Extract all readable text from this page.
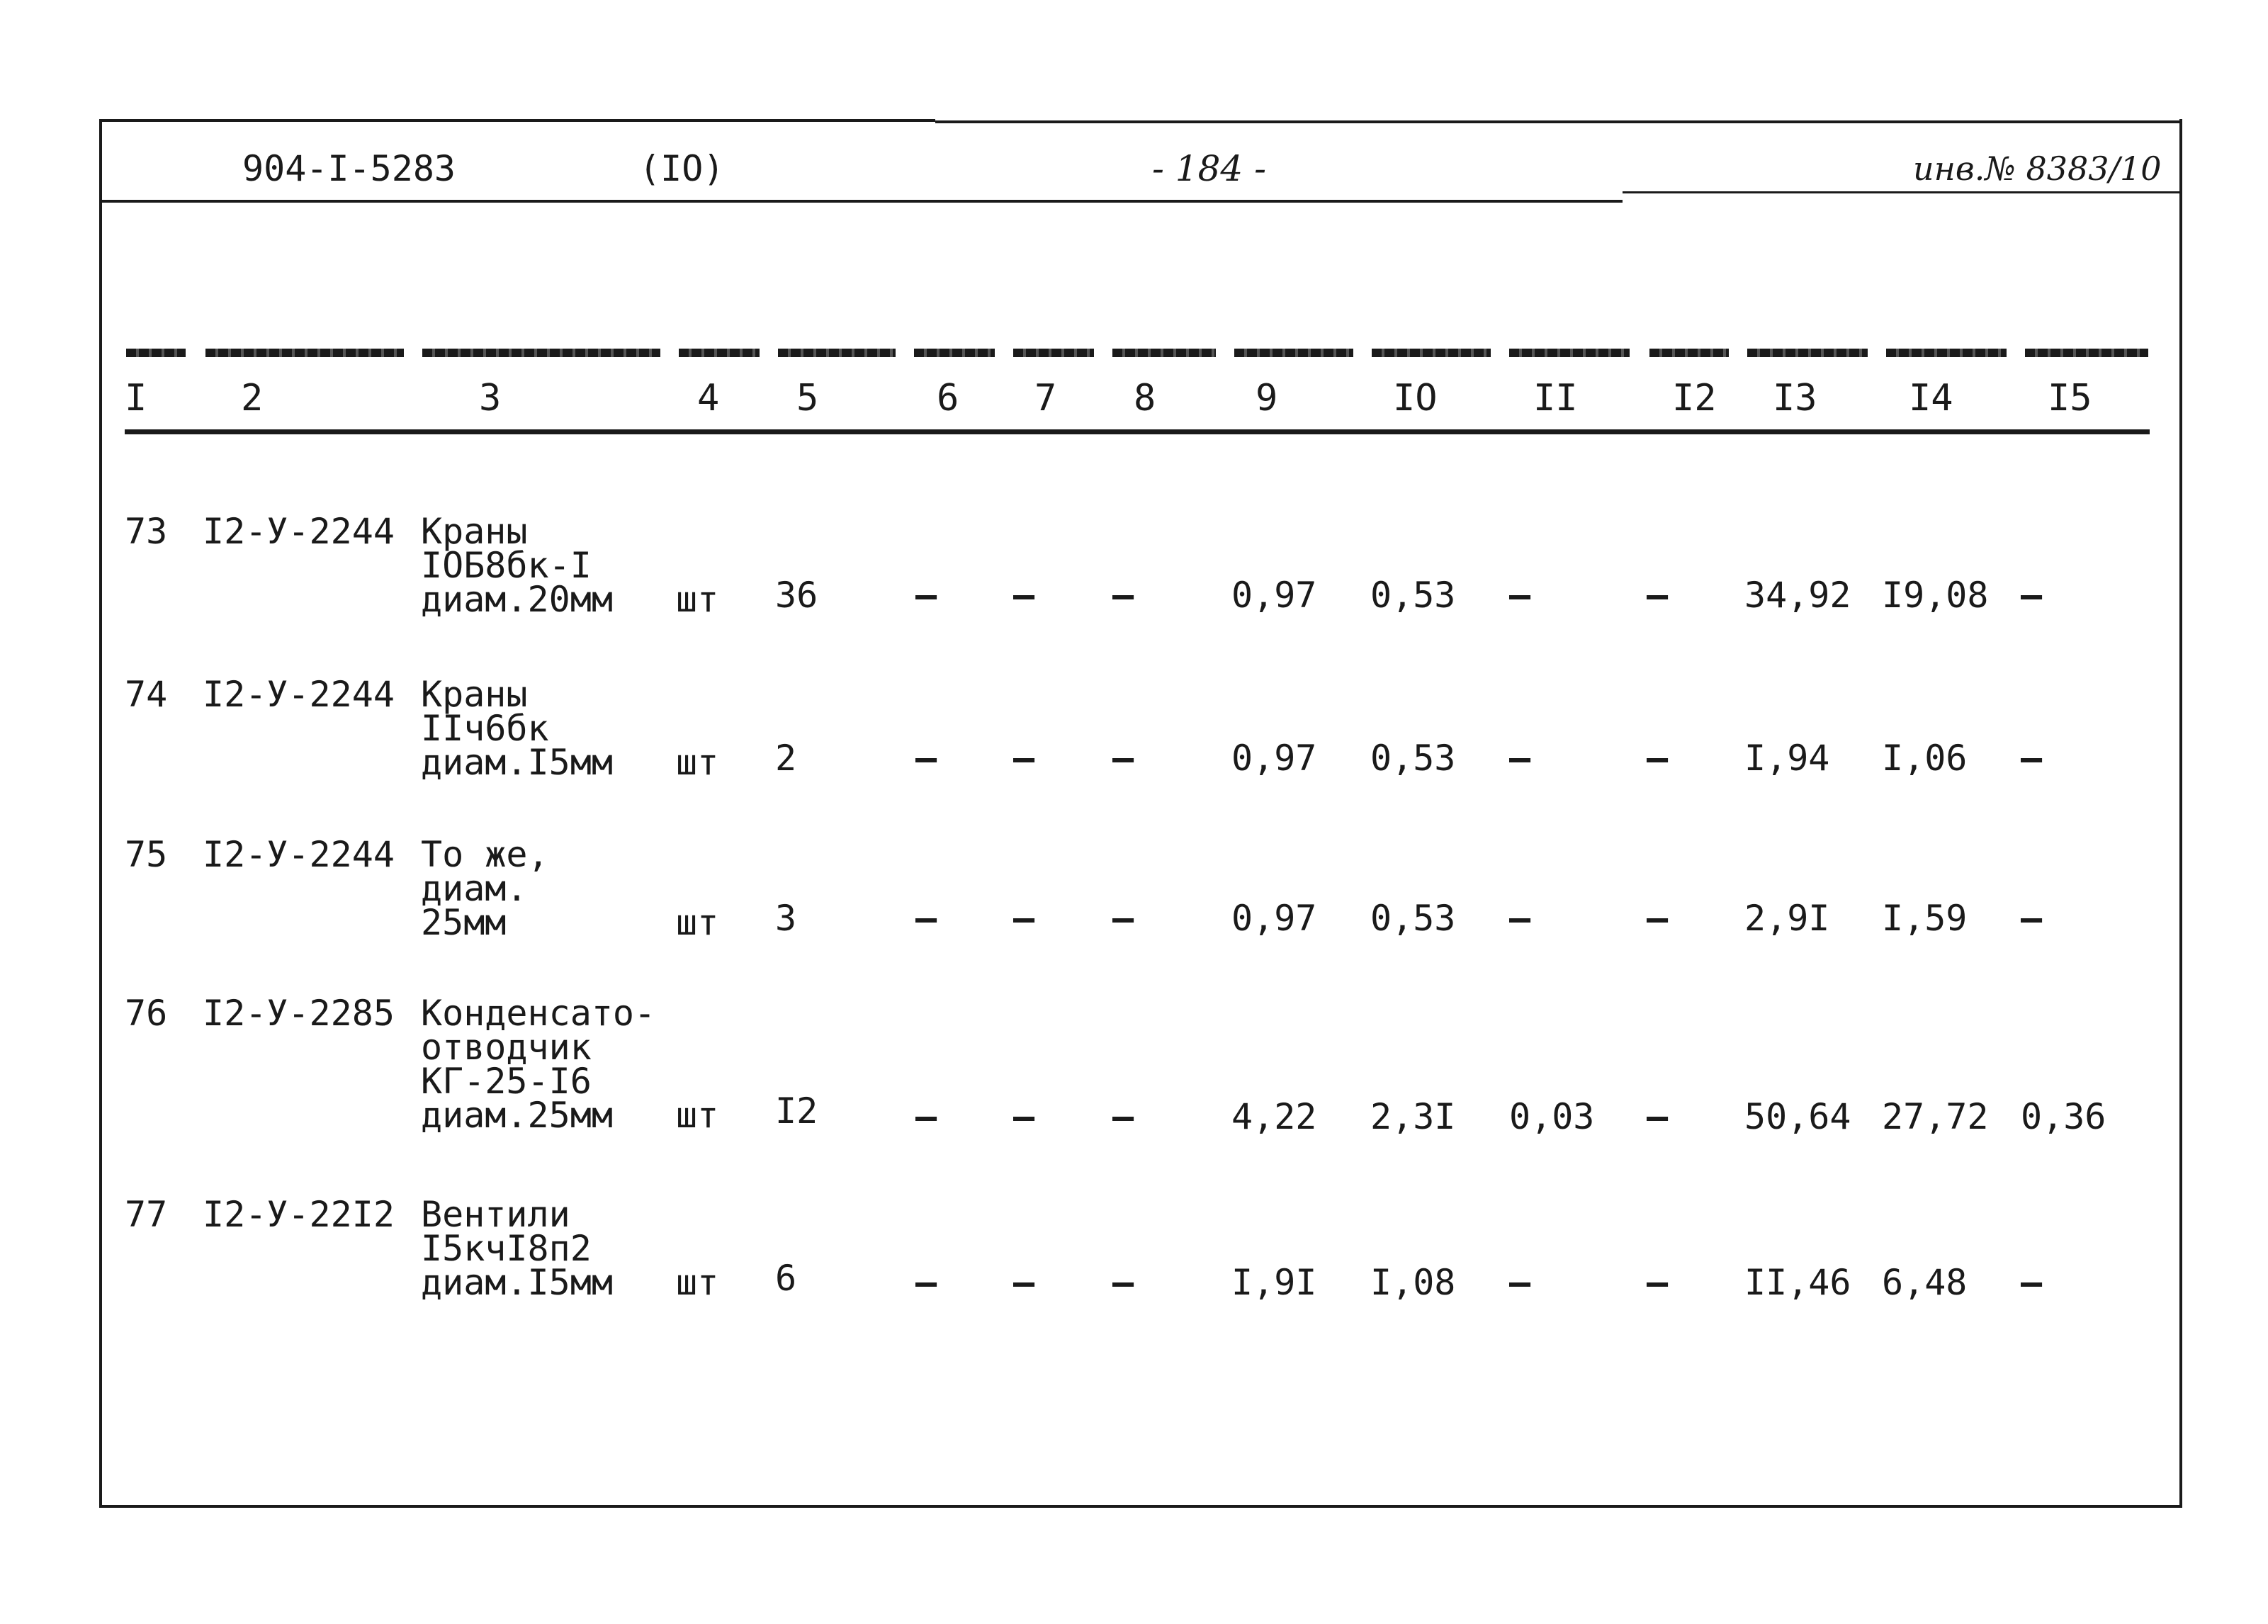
904-I-5283	(IO)	- 184 -	инв.№ 8383/10
I	2	3	4 5	6 7 8	9	IO	II	I2 I3 I4	I5
73 I2-У-2244 Краны
IOБ8бк-I
диам.20мм шт 36	– – –	0,97 0,53 –	– 34,92 I9,08 –
74 I2-У-2244 Краны
IIч6бк
диам.I5мм шт 2	– – –	0,97 0,53 –	– I,94 I,06 –
75 I2-У-2244 То же,
диам.
25мм	шт 3	– – –	0,97 0,53 –	– 2,9I I,59 –
76 I2-У-2285 Конденсато-
отводчик
КГ-25-I6
диам.25мм	шт I2	– – –	4,22 2,3I 0,03 – 50,64 27,72 0,36
77 I2-У-22I2 Вентили
I5кчI8п2
диам.I5мм шт 6	– – –	I,9I I,08 –	– II,46 6,48 –
